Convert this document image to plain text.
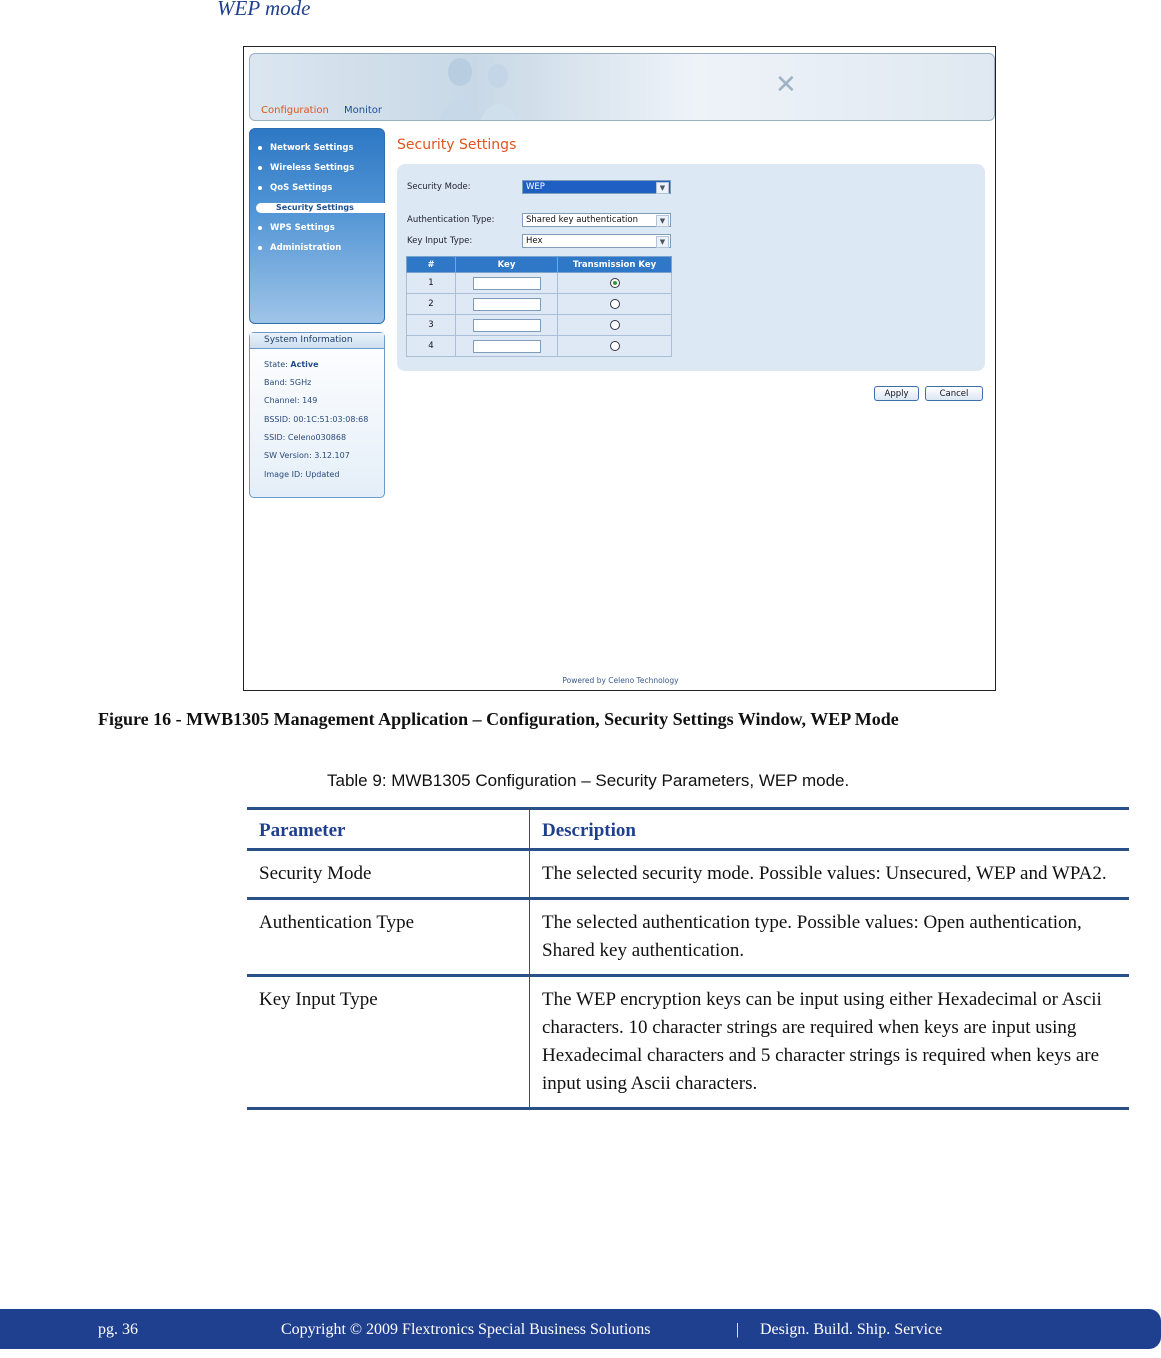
WEP mode
✕
Configuration Monitor
Network Settings
Wireless Settings
QoS Settings
Security Settings
WPS Settings
Administration
System Information
State: Active
Band: 5GHz
Channel: 149
BSSID: 00:1C:51:03:08:68
SSID: Celeno030868
SW Version: 3.12.107
Image ID: Updated
Security Settings
Security Mode:	WEP	▼
Authentication Type:	Shared key authentication	▼
Key Input Type:	Hex	▼
#	Key	Transmission Key
1		
2		
3		
4		
Apply	Cancel
Powered by Celeno Technology
Figure 16 - MWB1305 Management Application – Configuration, Security Settings Window, WEP Mode
Table 9: MWB1305 Configuration – Security Parameters, WEP mode.
Parameter	Description
Security Mode	The selected security mode. Possible values: Unsecured, WEP and WPA2.
Authentication Type	The selected authentication type. Possible values: Open authentication, Shared key authentication.
Key Input Type	The WEP encryption keys can be input using either Hexadecimal or Ascii characters. 10 character strings are required when keys are input using Hexadecimal characters and 5 character strings is required when keys are input using Ascii characters.
pg. 36	Copyright © 2009 Flextronics Special Business Solutions	| Design. Build. Ship. Service
